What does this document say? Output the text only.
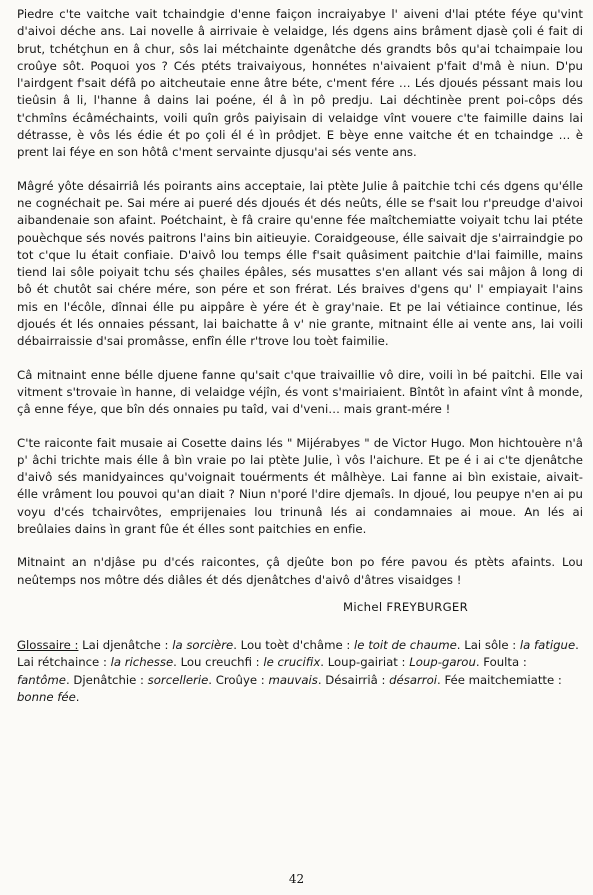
Piedre c'te vaitche vait tchaindgie d'enne faiçon incraiyabye l' aiveni d'lai ptéte féye qu'vint d'aivoi déche ans. Lai novelle â airrivaie è velaidge, lés dgens ains brâment djasè çoli é fait di brut, tchétçhun en â chur, sôs lai métchainte dgenâtche dés grandts bôs qu'ai tchaimpaie lou croûye sôt. Poquoi yos ? Cés ptéts traivaiyous, honnétes n'aivaient p'fait d'mâ è niun. D'pu l'airdgent f'sait défâ po aitcheutaie enne âtre béte, c'ment fére … Lés djoués péssant mais lou tieûsin â li, l'hanne â dains lai poéne, él â ìn pô predju. Lai déchtinèe prent poi-côps dés t'chmîns écâméchaints, voili quîn grôs paiyisain di velaidge vînt vouere c'te faimille dains lai détrasse, è vôs lés édie ét po çoli él é ìn prôdjet. E bèye enne vaitche ét en tchaindge … è prent lai féye en son hôtâ c'ment servainte djusqu'ai sés vente ans.

Mâgré yôte désairriâ lés poirants ains acceptaie, lai ptète Julie â paitchie tchi cés dgens qu'élle ne cognéchait pe. Sai mére ai pueré dés djoués ét dés neûts, élle se f'sait lou r'preudge d'aivoi aibandenaie son afaint. Poétchaint, è fâ craire qu'enne fée maîtchemiatte voiyait tchu lai ptéte pouèchque sés novés paitrons l'ains bin aitieuyie. Coraidgeouse, élle saivait dje s'airraindgie po tot c'que lu était confiaie. D'aivô lou temps élle f'sait quâsiment paitchie d'lai faimille, mains tiend lai sôle poiyait tchu sés çhailes épâles, sés musattes s'en allant vés sai mâjon â long di bô ét chutôt sai chére mére, son pére et son frérat. Lés braives d'gens qu' l' empiayait l'ains mis en l'écôle, dînnai élle pu aippâre è yére ét è gray'naie. Et pe lai vétiaince continue, lés djoués ét lés onnaies péssant, lai baichatte â v' nie grante, mitnaint élle ai vente ans, lai voili débairraissie d'sai promâsse, enfîn élle r'trove lou toèt faimilie.

Câ mitnaint enne bélle djuene fanne qu'sait c'que traivaillie vô dire, voili ìn bé paitchi. Elle vai vitment s'trovaie ìn hanne, di velaidge véjîn, és vont s'mairiaient. Bîntôt ìn afaint vînt â monde, çâ enne féye, que bîn dés onnaies pu taîd, vai d'veni… mais grant-mére !

C'te raiconte fait musaie ai Cosette dains lés " Mijérabyes " de Victor Hugo. Mon hichtouère n'â p' âchi trichte mais élle â bìn vraie po lai ptète Julie, ì vôs l'aichure. Et pe é i ai c'te djenâtche d'aivô sés manidyainces qu'voignait touérments ét mâlhèye. Lai fanne ai bìn existaie, aivait-élle vrâment lou pouvoi qu'an diait ? Niun n'poré l'dire djemaîs. In djoué, lou peupye n'en ai pu voyu d'cés tchairvôtes, emprijenaies lou trinunâ lés ai condamnaies ai moue. An lés ai breûlaies dains ìn grant fûe ét élles sont paitchies en enfie.

Mitnaint an n'djâse pu d'cés raicontes, çâ djeûte bon po fére pavou és ptèts afaints. Lou neûtemps nos môtre dés diâles ét dés djenâtches d'aivô d'âtres visaidges !

Michel FREYBURGER

Glossaire : Lai djenâtche : la sorcière. Lou toèt d'châme : le toit de chaume. Lai sôle : la fatigue. Lai rétchaince : la richesse. Lou creuchfi : le crucifix. Loup-gairiat : Loup-garou. Foulta : fantôme. Djenâtchie : sorcellerie. Croûye : mauvais. Désairriâ : désarroi. Fée maitchemiatte : bonne fée.

42
